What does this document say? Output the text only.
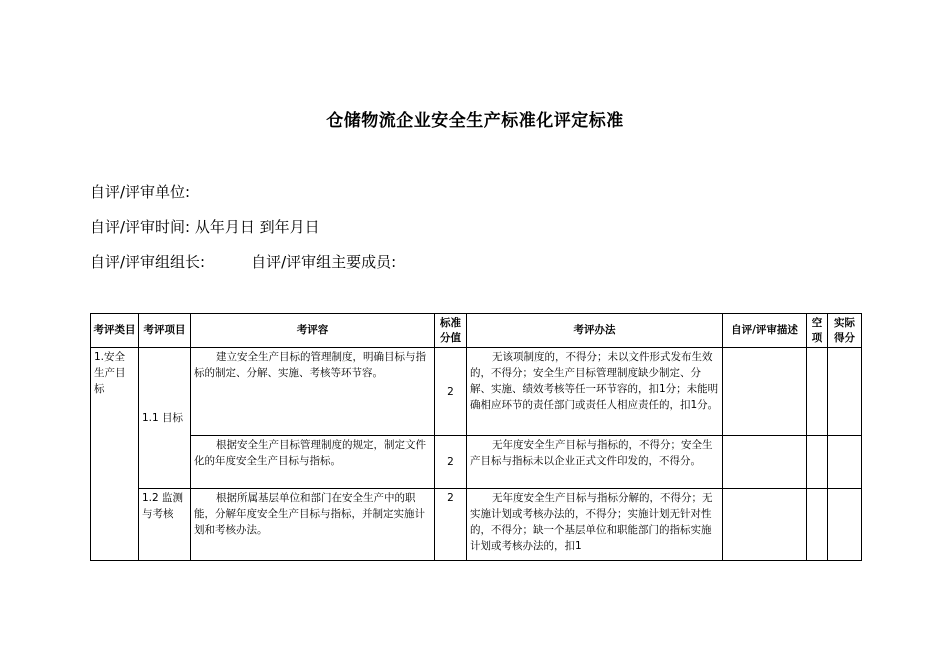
仓储物流企业安全生产标准化评定标准
自评/评审单位:
自评/评审时间: 从年月日 到年月日
自评/评审组组长:	自评/评审组主要成员:
考评类目	考评项目	考评容	标准分值	考评办法	自评/评审描述	空项	实际得分
1.安全生产目标	1.1 目标	建立安全生产目标的管理制度，明确目标与指标的制定、分解、实施、考核等环节容。	2	无该项制度的，不得分；未以文件形式发布生效的，不得分；安全生产目标管理制度缺少制定、分解、实施、绩效考核等任一环节容的，扣1分；未能明确相应环节的责任部门或责任人相应责任的，扣1分。			
		根据安全生产目标管理制度的规定，制定文件化的年度安全生产目标与指标。	2	无年度安全生产目标与指标的，不得分；安全生产目标与指标未以企业正式文件印发的，不得分。			

	1.2 监测与考核	根据所属基层单位和部门在安全生产中的职能，分解年度安全生产目标与指标，并制定实施计划和考核办法。	2	无年度安全生产目标与指标分解的，不得分；无实施计划或考核办法的，不得分；实施计划无针对性的，不得分；缺一个基层单位和职能部门的指标实施计划或考核办法的，扣1			
